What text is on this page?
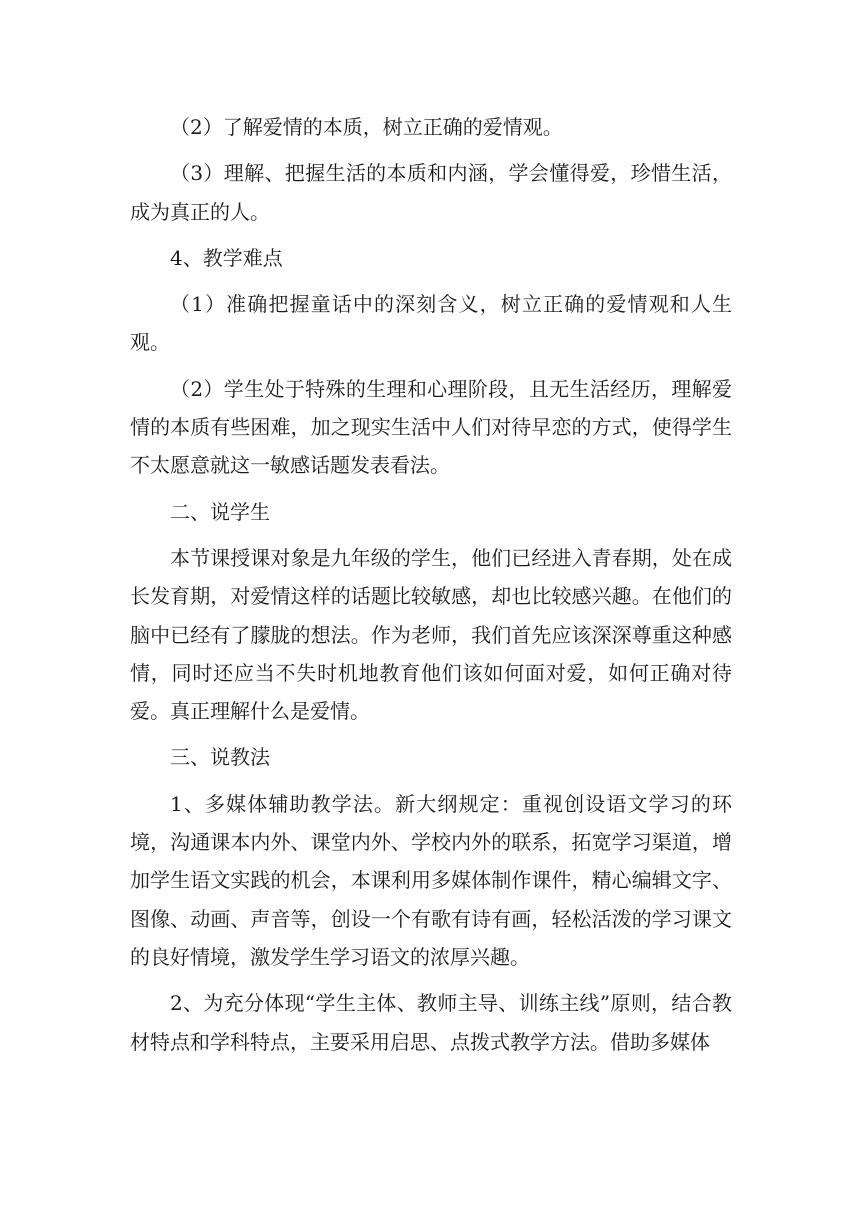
（2）了解爱情的本质，树立正确的爱情观。

（3）理解、把握生活的本质和内涵，学会懂得爱，珍惜生活，成为真正的人。

4、教学难点

（1）准确把握童话中的深刻含义，树立正确的爱情观和人生观。

（2）学生处于特殊的生理和心理阶段，且无生活经历，理解爱情的本质有些困难，加之现实生活中人们对待早恋的方式，使得学生不太愿意就这一敏感话题发表看法。

二、说学生

本节课授课对象是九年级的学生，他们已经进入青春期，处在成长发育期，对爱情这样的话题比较敏感，却也比较感兴趣。在他们的脑中已经有了朦胧的想法。作为老师，我们首先应该深深尊重这种感情，同时还应当不失时机地教育他们该如何面对爱，如何正确对待爱。真正理解什么是爱情。

三、说教法

1、多媒体辅助教学法。新大纲规定：重视创设语文学习的环境，沟通课本内外、课堂内外、学校内外的联系，拓宽学习渠道，增加学生语文实践的机会，本课利用多媒体制作课件，精心编辑文字、图像、动画、声音等，创设一个有歌有诗有画，轻松活泼的学习课文的良好情境，激发学生学习语文的浓厚兴趣。

2、为充分体现“学生主体、教师主导、训练主线”原则，结合教材特点和学科特点，主要采用启思、点拨式教学方法。借助多媒体
